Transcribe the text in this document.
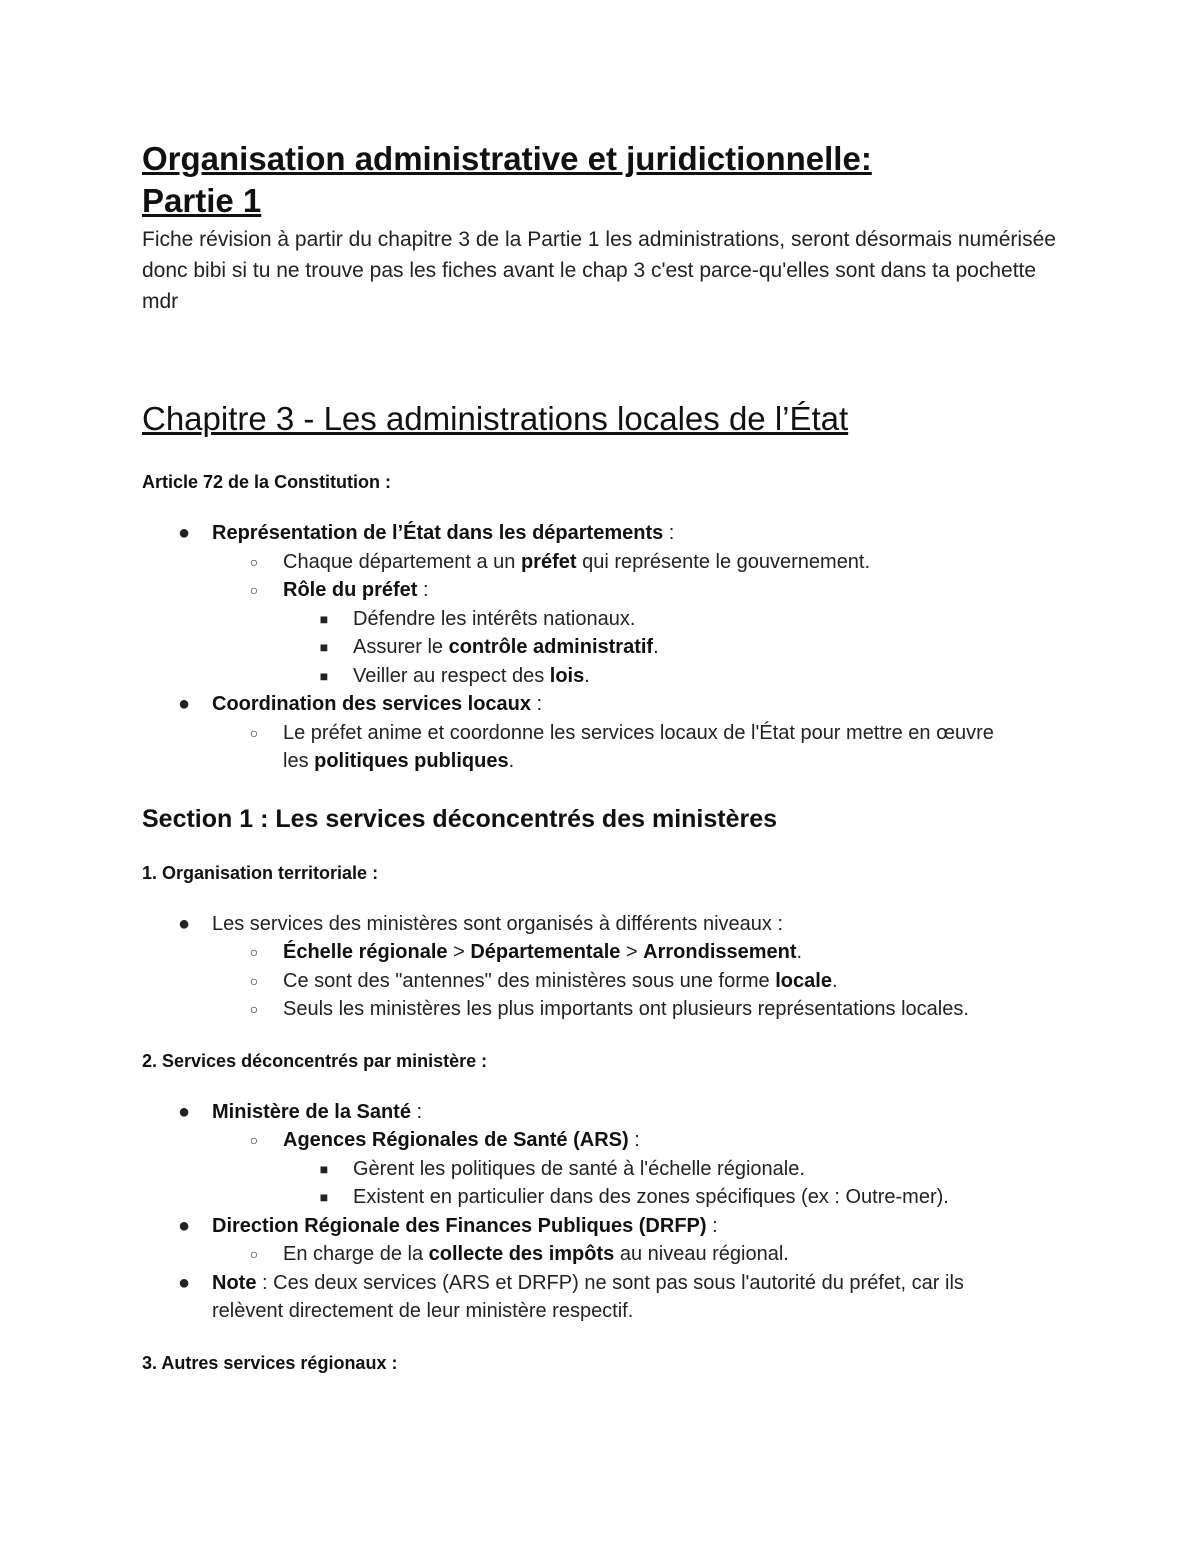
Organisation administrative et juridictionnelle:
Partie 1

Fiche révision à partir du chapitre 3 de la Partie 1 les administrations, seront désormais numérisée donc bibi si tu ne trouve pas les fiches avant le chap 3 c'est parce-qu'elles sont dans ta pochette mdr

Chapitre 3 - Les administrations locales de l’État

Article 72 de la Constitution :

●	Représentation de l’État dans les départements :
○	Chaque département a un préfet qui représente le gouvernement.
○	Rôle du préfet :
■	Défendre les intérêts nationaux.
■	Assurer le contrôle administratif.
■	Veiller au respect des lois.
●	Coordination des services locaux :
○	Le préfet anime et coordonne les services locaux de l'État pour mettre en œuvre
les politiques publiques.
Section 1 : Les services déconcentrés des ministères

1. Organisation territoriale :

●	Les services des ministères sont organisés à différents niveaux :
○	Échelle régionale > Départementale > Arrondissement.
○	Ce sont des "antennes" des ministères sous une forme locale.
○	Seuls les ministères les plus importants ont plusieurs représentations locales.

2. Services déconcentrés par ministère :

●	Ministère de la Santé :
○	Agences Régionales de Santé (ARS) :
■	Gèrent les politiques de santé à l'échelle régionale.
■	Existent en particulier dans des zones spécifiques (ex : Outre-mer).
●	Direction Régionale des Finances Publiques (DRFP) :
○	En charge de la collecte des impôts au niveau régional.
●	Note : Ces deux services (ARS et DRFP) ne sont pas sous l'autorité du préfet, car ils
relèvent directement de leur ministère respectif.

3. Autres services régionaux :
